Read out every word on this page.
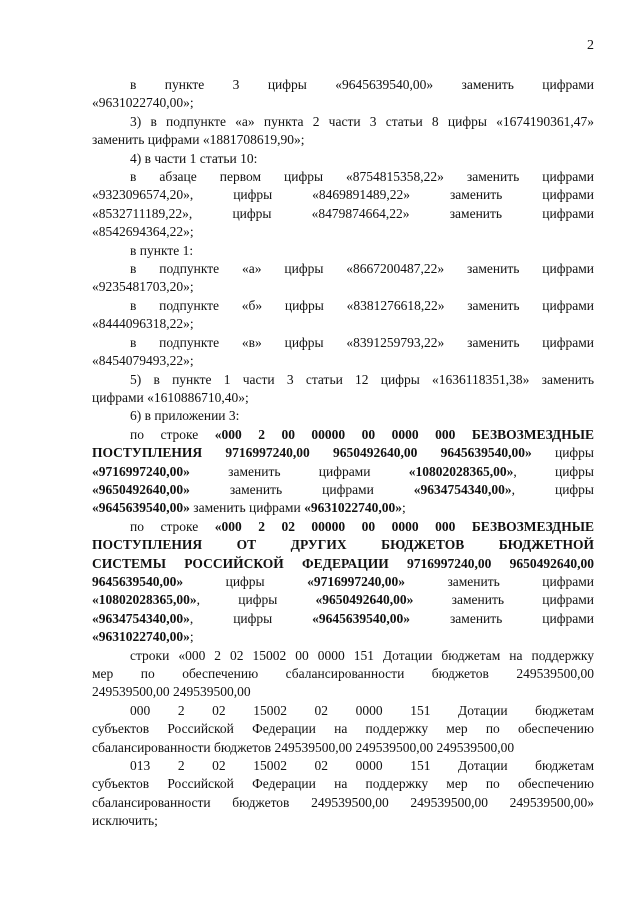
2
в пункте 3 цифры «9645639540,00» заменить цифрами
«9631022740,00»;
3) в подпункте «а» пункта 2 части 3 статьи 8 цифры «1674190361,47»
заменить цифрами «1881708619,90»;
4) в части 1 статьи 10:
в абзаце первом цифры «8754815358,22» заменить цифрами
«9323096574,20», цифры «8469891489,22» заменить цифрами
«8532711189,22», цифры «8479874664,22» заменить цифрами
«8542694364,22»;
в пункте 1:
в подпункте «а» цифры «8667200487,22» заменить цифрами
«9235481703,20»;
в подпункте «б» цифры «8381276618,22» заменить цифрами
«8444096318,22»;
в подпункте «в» цифры «8391259793,22» заменить цифрами
«8454079493,22»;
5) в пункте 1 части 3 статьи 12 цифры «1636118351,38» заменить
цифрами «1610886710,40»;
6) в приложении 3:
по строке «000 2 00 00000 00 0000 000 БЕЗВОЗМЕЗДНЫЕ
ПОСТУПЛЕНИЯ 9716997240,00 9650492640,00 9645639540,00» цифры
«9716997240,00» заменить цифрами «10802028365,00», цифры
«9650492640,00» заменить цифрами «9634754340,00», цифры
«9645639540,00» заменить цифрами «9631022740,00»;
по строке «000 2 02 00000 00 0000 000 БЕЗВОЗМЕЗДНЫЕ
ПОСТУПЛЕНИЯ ОТ ДРУГИХ БЮДЖЕТОВ БЮДЖЕТНОЙ
СИСТЕМЫ РОССИЙСКОЙ ФЕДЕРАЦИИ 9716997240,00 9650492640,00
9645639540,00» цифры «9716997240,00» заменить цифрами
«10802028365,00», цифры «9650492640,00» заменить цифрами
«9634754340,00», цифры «9645639540,00» заменить цифрами
«9631022740,00»;
строки «000 2 02 15002 00 0000 151 Дотации бюджетам на поддержку
мер по обеспечению сбалансированности бюджетов 249539500,00
249539500,00 249539500,00
000 2 02 15002 02 0000 151 Дотации бюджетам
субъектов Российской Федерации на поддержку мер по обеспечению
сбалансированности бюджетов 249539500,00 249539500,00 249539500,00
013 2 02 15002 02 0000 151 Дотации бюджетам
субъектов Российской Федерации на поддержку мер по обеспечению
сбалансированности бюджетов 249539500,00 249539500,00 249539500,00»
исключить;
